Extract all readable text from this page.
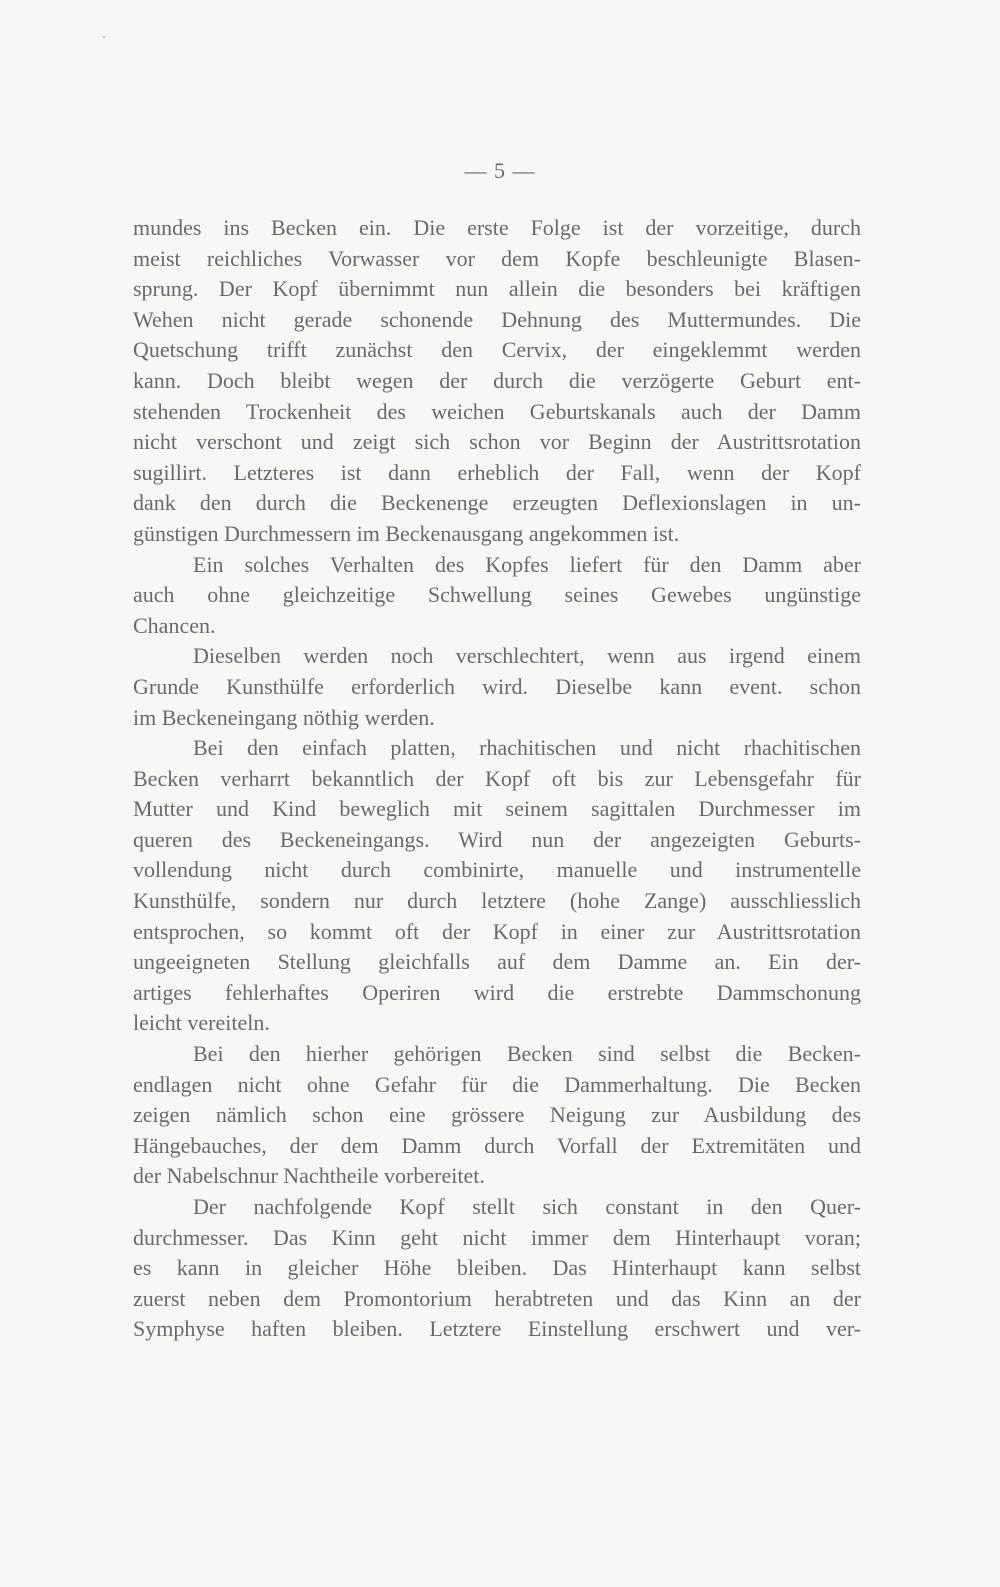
— 5 —
mundes ins Becken ein. Die erste Folge ist der vorzeitige, durch
meist reichliches Vorwasser vor dem Kopfe beschleunigte Blasen-
sprung. Der Kopf übernimmt nun allein die besonders bei kräftigen
Wehen nicht gerade schonende Dehnung des Muttermundes. Die
Quetschung trifft zunächst den Cervix, der eingeklemmt werden
kann. Doch bleibt wegen der durch die verzögerte Geburt ent-
stehenden Trockenheit des weichen Geburtskanals auch der Damm
nicht verschont und zeigt sich schon vor Beginn der Austrittsrotation
sugillirt. Letzteres ist dann erheblich der Fall, wenn der Kopf
dank den durch die Beckenenge erzeugten Deflexionslagen in un-
günstigen Durchmessern im Beckenausgang angekommen ist.
Ein solches Verhalten des Kopfes liefert für den Damm aber
auch ohne gleichzeitige Schwellung seines Gewebes ungünstige
Chancen.
Dieselben werden noch verschlechtert, wenn aus irgend einem
Grunde Kunsthülfe erforderlich wird. Dieselbe kann event. schon
im Beckeneingang nöthig werden.
Bei den einfach platten, rhachitischen und nicht rhachitischen
Becken verharrt bekanntlich der Kopf oft bis zur Lebensgefahr für
Mutter und Kind beweglich mit seinem sagittalen Durchmesser im
queren des Beckeneingangs. Wird nun der angezeigten Geburts-
vollendung nicht durch combinirte, manuelle und instrumentelle
Kunsthülfe, sondern nur durch letztere (hohe Zange) ausschliesslich
entsprochen, so kommt oft der Kopf in einer zur Austrittsrotation
ungeeigneten Stellung gleichfalls auf dem Damme an. Ein der-
artiges fehlerhaftes Operiren wird die erstrebte Dammschonung
leicht vereiteln.
Bei den hierher gehörigen Becken sind selbst die Becken-
endlagen nicht ohne Gefahr für die Dammerhaltung. Die Becken
zeigen nämlich schon eine grössere Neigung zur Ausbildung des
Hängebauches, der dem Damm durch Vorfall der Extremitäten und
der Nabelschnur Nachtheile vorbereitet.
Der nachfolgende Kopf stellt sich constant in den Quer-
durchmesser. Das Kinn geht nicht immer dem Hinterhaupt voran;
es kann in gleicher Höhe bleiben. Das Hinterhaupt kann selbst
zuerst neben dem Promontorium herabtreten und das Kinn an der
Symphyse haften bleiben. Letztere Einstellung erschwert und ver-
